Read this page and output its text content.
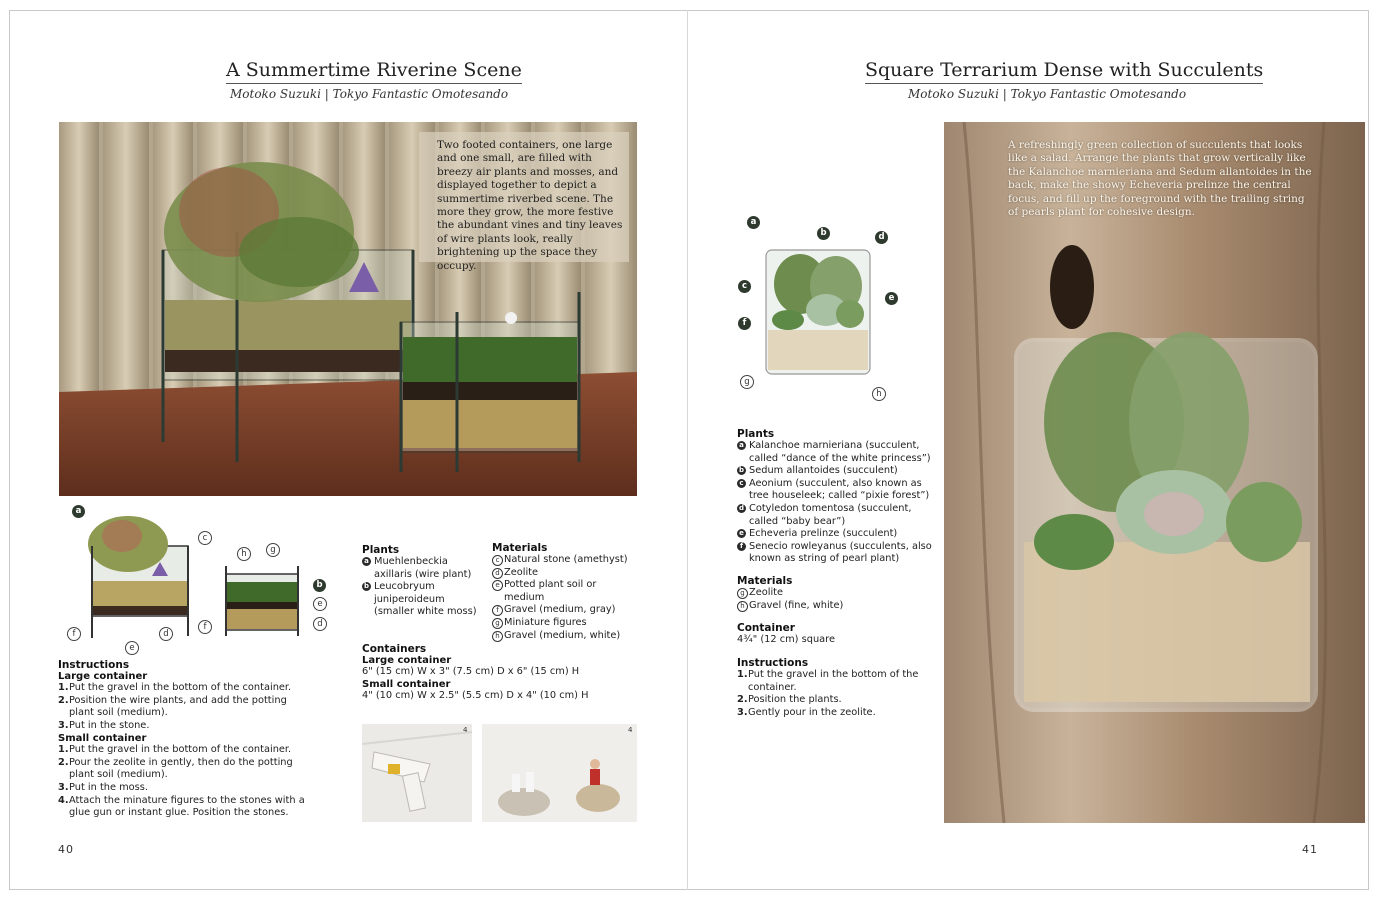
A Summertime Riverine Scene
Motoko Suzuki | Tokyo Fantastic Omotesando
Two footed containers, one large and one small, are filled with breezy air plants and mosses, and displayed together to depict a summertime riverbed scene. The more they grow, the more festive the abundant vines and tiny leaves of wire plants look, really brightening up the space they occupy.
a
c
f
e
d
h	g
b
e
f	d

Plants

a Muehlenbeckia axillaris (wire plant)
b Leucobryum juniperoideum (smaller white moss)

Materials

c Natural stone (amethyst)
d Zeolite
e Potted plant soil or medium
f Gravel (medium, gray)
g Miniature figures
h Gravel (medium, white)

Containers

Large container

6" (15 cm) W x 3" (7.5 cm) D x 6" (15 cm) H

Small container

4" (10 cm) W x 2.5" (5.5 cm) D x 4" (10 cm) H

Instructions

Large container

1. Put the gravel in the bottom of the container.
2. Position the wire plants, and add the potting plant soil (medium).
3. Put in the stone.

Small container

1. Put the gravel in the bottom of the container.
2. Pour the zeolite in gently, then do the potting plant soil (medium).
3. Put in the moss.
4. Attach the minature figures to the stones with a glue gun or instant glue. Position the stones.
4	4
40
Square Terrarium Dense with Succulents
Motoko Suzuki | Tokyo Fantastic Omotesando
A refreshingly green collection of succulents that looks like a salad. Arrange the plants that grow vertically like the Kalanchoe marnieriana and Sedum allantoides in the back, make the showy Echeveria prelinze the central focus, and fill up the foreground with the trailing string of pearls plant for cohesive design.
a
b	d
c
e
f
g
h

Plants

a Kalanchoe marnieriana (succulent, called “dance of the white princess”)
b Sedum allantoides (succulent)
c Aeonium (succulent, also known as tree houseleek; called “pixie forest”)
d Cotyledon tomentosa (succulent, called “baby bear”)
e Echeveria prelinze (succulent)
f Senecio rowleyanus (succulents, also known as string of pearl plant)

Materials

g Zeolite
h Gravel (fine, white)

Container

4¾" (12 cm) square

Instructions

1. Put the gravel in the bottom of the container.
2. Position the plants.
3. Gently pour in the zeolite.
41
